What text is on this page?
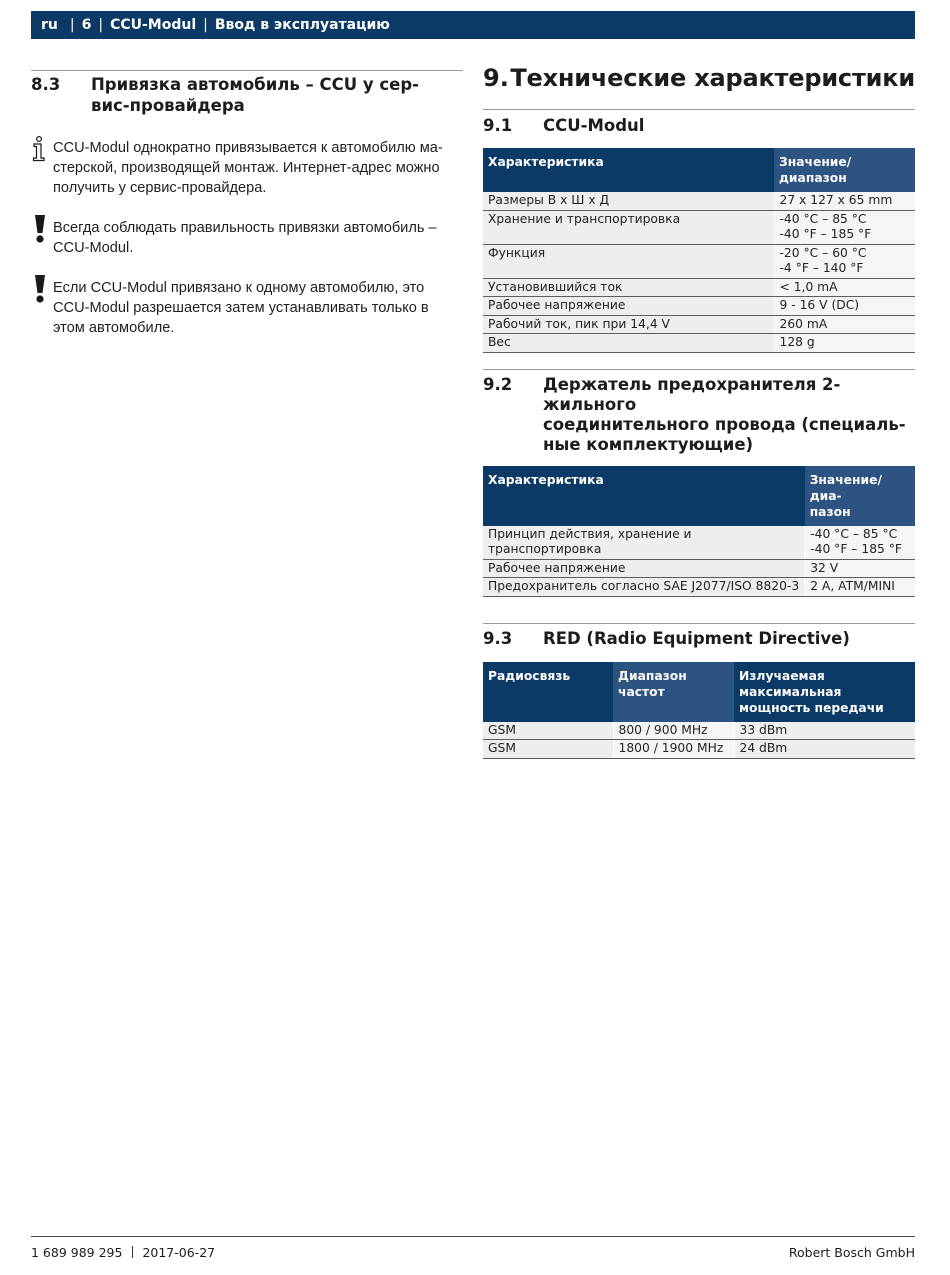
ru | 6 | CCU-Modul | Ввод в эксплуатацию
8.3	Привязка автомобиль – CCU у сер-
вис-провайдера
CCU-Modul однократно привязывается к автомобилю ма-
стерской, производящей монтаж. Интернет-адрес можно
получить у сервис-провайдера.
Всегда соблюдать правильность привязки автомобиль –
CCU-Modul.
Если CCU-Modul привязано к одному автомобилю, это
CCU-Modul разрешается затем устанавливать только в
этом автомобиле.
9. Технические характеристики
9.1	CCU-Modul
Характеристика	Значение/диапазон
Размеры В x Ш x Д	27 x 127 x 65 mm
Хранение и транспортировка	-40 °C – 85 °C
-40 °F – 185 °F

Функция	-20 °C – 60 °C
-4 °F – 140 °F

Установившийся ток	< 1,0 mA
Рабочее напряжение	9 - 16 V (DC)
Рабочий ток, пик при 14,4 V	260 mA
Вес	128 g
9.2	Держатель предохранителя 2-жильного
соединительного провода (специаль-
ные комплектующие)
Характеристика	Значение/диа-
пазон

Принцип действия, хранение и транспортировка	-40 °C – 85 °C
-40 °F – 185 °F

Рабочее напряжение	32 V
Предохранитель согласно SAE J2077/ISO 8820-3	2 A, ATM/MINI
9.3	RED (Radio Equipment Directive)
Радиосвязь	Диапазон частот	Излучаемая максимальная
мощность передачи

GSM	800 / 900 MHz	33 dBm
GSM	1800 / 1900 MHz	24 dBm
1 689 989 295 2017-06-27	Robert Bosch GmbH
